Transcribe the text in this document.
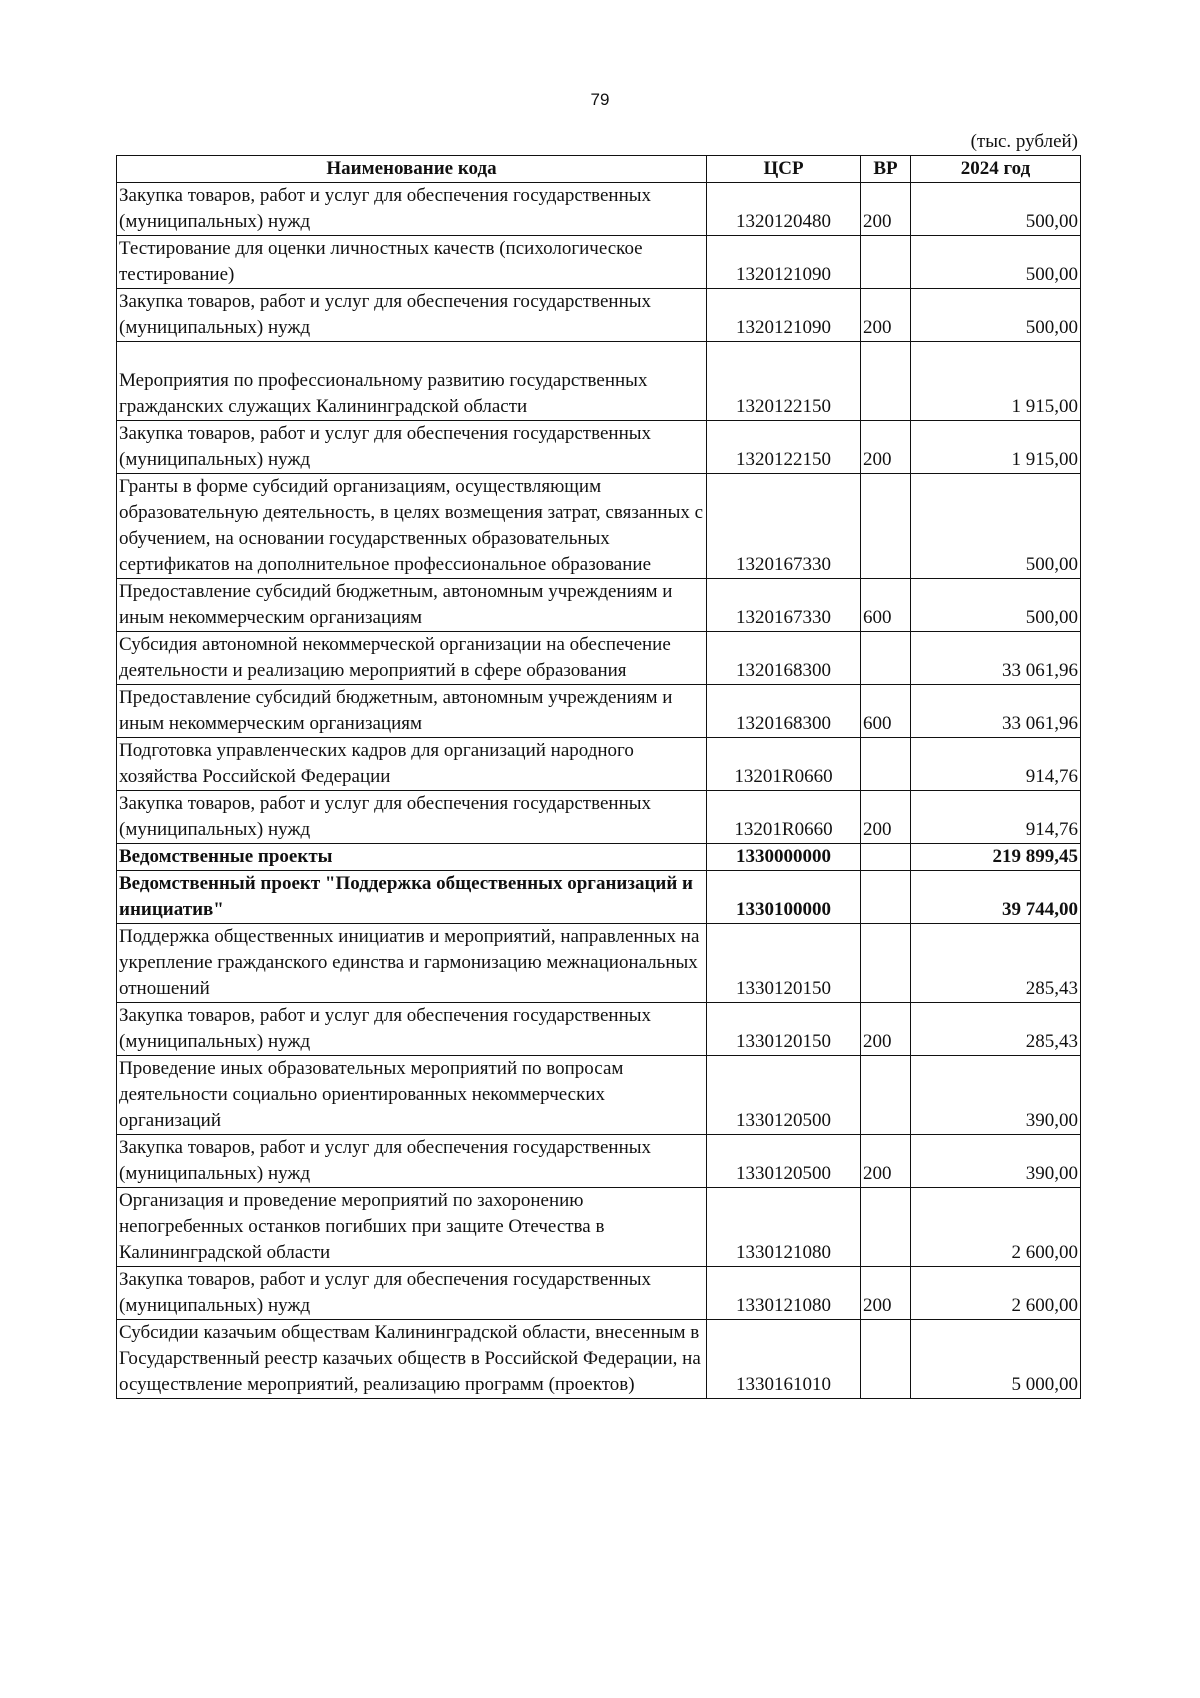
79
(тыс. рублей)
Наименование кода	ЦСР	ВР	2024 год
Закупка товаров, работ и услуг для обеспечения государственных (муниципальных) нужд	1320120480	200	500,00
Тестирование для оценки личностных качеств (психологическое тестирование)	1320121090		500,00
Закупка товаров, работ и услуг для обеспечения государственных (муниципальных) нужд	1320121090	200	500,00
Мероприятия по профессиональному развитию государственных гражданских служащих Калининградской области	1320122150		1 915,00
Закупка товаров, работ и услуг для обеспечения государственных (муниципальных) нужд	1320122150	200	1 915,00
Гранты в форме субсидий организациям, осуществляющим образовательную деятельность, в целях возмещения затрат, связанных с обучением, на основании государственных образовательных сертификатов на дополнительное профессиональное образование	1320167330		500,00
Предоставление субсидий бюджетным, автономным учреждениям и иным некоммерческим организациям	1320167330	600	500,00
Субсидия автономной некоммерческой организации на обеспечение деятельности и реализацию мероприятий в сфере образования	1320168300		33 061,96
Предоставление субсидий бюджетным, автономным учреждениям и иным некоммерческим организациям	1320168300	600	33 061,96
Подготовка управленческих кадров для организаций народного хозяйства Российской Федерации	13201R0660		914,76
Закупка товаров, работ и услуг для обеспечения государственных (муниципальных) нужд	13201R0660	200	914,76
Ведомственные проекты	1330000000		219 899,45
Ведомственный проект "Поддержка общественных организаций и инициатив"	1330100000		39 744,00
Поддержка общественных инициатив и мероприятий, направленных на укрепление гражданского единства и гармонизацию межнациональных отношений	1330120150		285,43
Закупка товаров, работ и услуг для обеспечения государственных (муниципальных) нужд	1330120150	200	285,43
Проведение иных образовательных мероприятий по вопросам деятельности социально ориентированных некоммерческих организаций	1330120500		390,00
Закупка товаров, работ и услуг для обеспечения государственных (муниципальных) нужд	1330120500	200	390,00
Организация и проведение мероприятий по захоронению непогребенных останков погибших при защите Отечества в Калининградской области	1330121080		2 600,00
Закупка товаров, работ и услуг для обеспечения государственных (муниципальных) нужд	1330121080	200	2 600,00
Субсидии казачьим обществам Калининградской области, внесенным в Государственный реестр казачьих обществ в Российской Федерации, на осуществление мероприятий, реализацию программ (проектов)	1330161010		5 000,00
